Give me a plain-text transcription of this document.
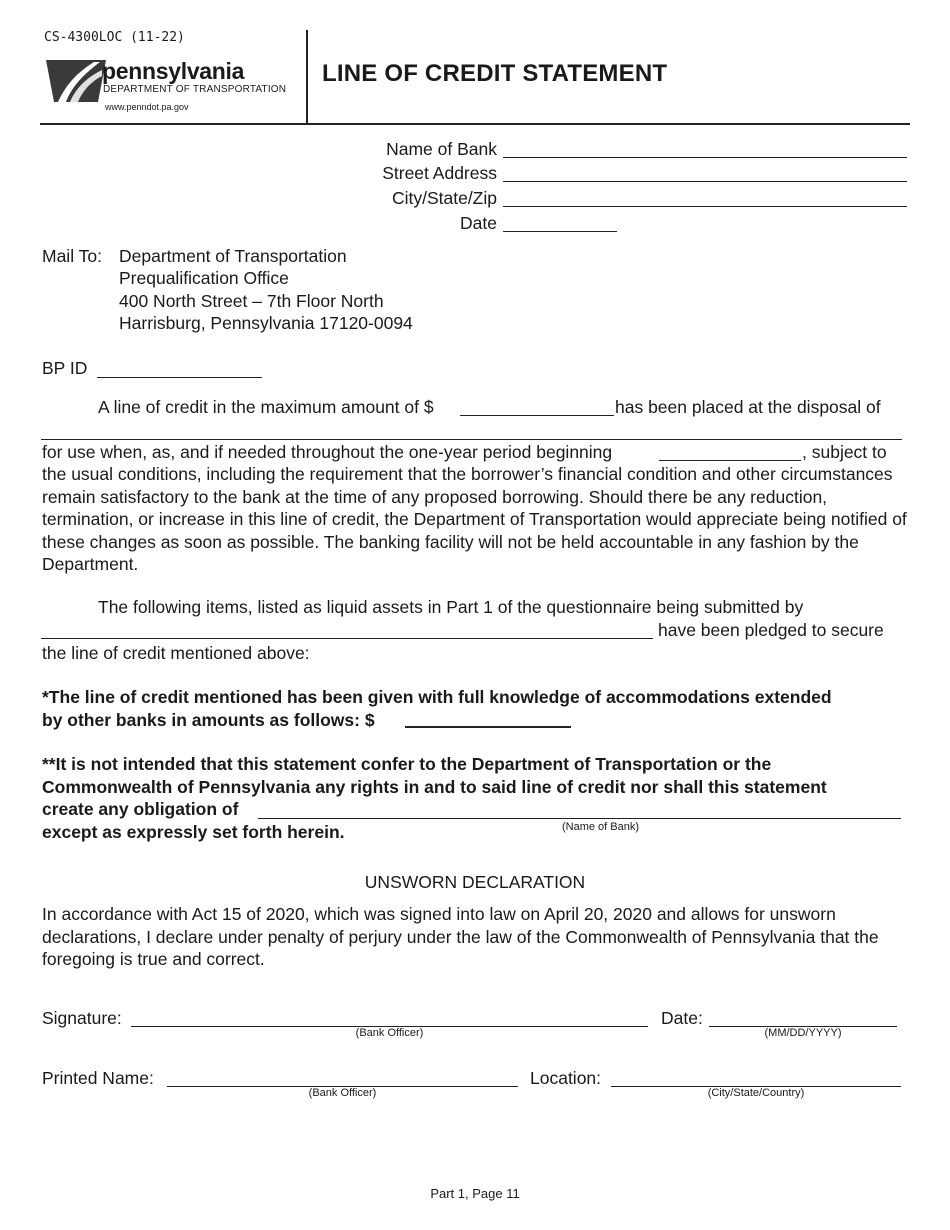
CS-4300LOC (11-22)
pennsylvania
DEPARTMENT OF TRANSPORTATION
www.penndot.pa.gov
LINE OF CREDIT STATEMENT
Name of Bank
Street Address
City/State/Zip
Date
Mail To: Department of Transportation
Prequalification Office
400 North Street – 7th Floor North
Harrisburg, Pennsylvania 17120-0094
BP ID
A line of credit in the maximum amount of $	has been placed at the disposal of
for use when, as, and if needed throughout the one-year period beginning	, subject to
the usual conditions, including the requirement that the borrower’s financial condition and other circumstances remain satisfactory to the bank at the time of any proposed borrowing. Should there be any reduction, termination, or increase in this line of credit, the Department of Transportation would appreciate being notified of these changes as soon as possible. The banking facility will not be held accountable in any fashion by the Department.
The following items, listed as liquid assets in Part 1 of the questionnaire being submitted by
have been pledged to secure
the line of credit mentioned above:
*The line of credit mentioned has been given with full knowledge of accommodations extended
by other banks in amounts as follows: $
**It is not intended that this statement confer to the Department of Transportation or the
Commonwealth of Pennsylvania any rights in and to said line of credit nor shall this statement
create any obligation of
except as expressly set forth herein.	(Name of Bank)
UNSWORN DECLARATION
In accordance with Act 15 of 2020, which was signed into law on April 20, 2020 and allows for unsworn declarations, I declare under penalty of perjury under the law of the Commonwealth of Pennsylvania that the foregoing is true and correct.
Signature:
(Bank Officer)
Date:
(MM/DD/YYYY)
Printed Name:
(Bank Officer)
Location:
(City/State/Country)
Part 1, Page 11
